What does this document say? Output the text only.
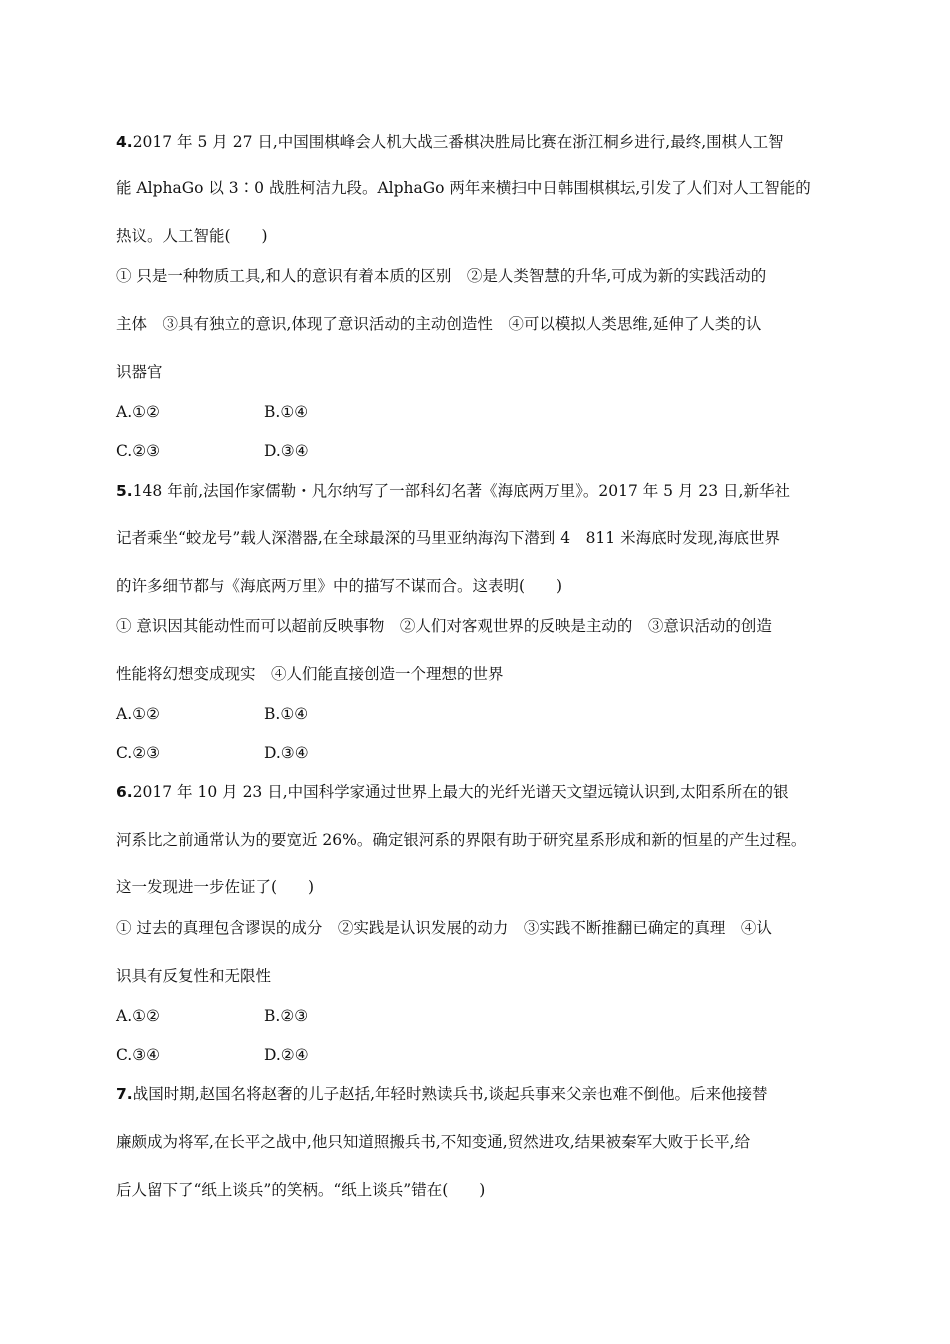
4.2017 年 5 月 27 日,中国围棋峰会人机大战三番棋决胜局比赛在浙江桐乡进行,最终,围棋人工智
能 AlphaGo 以 3∶0 战胜柯洁九段。AlphaGo 两年来横扫中日韩围棋棋坛,引发了人们对人工智能的
热议。人工智能(　　)
① 只是一种物质工具,和人的意识有着本质的区别　②是人类智慧的升华,可成为新的实践活动的
主体　③具有独立的意识,体现了意识活动的主动创造性　④可以模拟人类思维,延伸了人类的认
识器官
A.①②	B.①④
C.②③	D.③④
5.148 年前,法国作家儒勒・凡尔纳写了一部科幻名著《海底两万里》。2017 年 5 月 23 日,新华社
记者乘坐“蛟龙号”载人深潜器,在全球最深的马里亚纳海沟下潜到 4　811 米海底时发现,海底世界
的许多细节都与《海底两万里》中的描写不谋而合。这表明(　　)
① 意识因其能动性而可以超前反映事物　②人们对客观世界的反映是主动的　③意识活动的创造
性能将幻想变成现实　④人们能直接创造一个理想的世界
A.①②	B.①④
C.②③	D.③④
6.2017 年 10 月 23 日,中国科学家通过世界上最大的光纤光谱天文望远镜认识到,太阳系所在的银
河系比之前通常认为的要宽近 26%。确定银河系的界限有助于研究星系形成和新的恒星的产生过程。
这一发现进一步佐证了(　　)
① 过去的真理包含谬误的成分　②实践是认识发展的动力　③实践不断推翻已确定的真理　④认
识具有反复性和无限性
A.①②	B.②③
C.③④	D.②④
7.战国时期,赵国名将赵奢的儿子赵括,年轻时熟读兵书,谈起兵事来父亲也难不倒他。后来他接替
廉颇成为将军,在长平之战中,他只知道照搬兵书,不知变通,贸然进攻,结果被秦军大败于长平,给
后人留下了“纸上谈兵”的笑柄。“纸上谈兵”错在(　　)
